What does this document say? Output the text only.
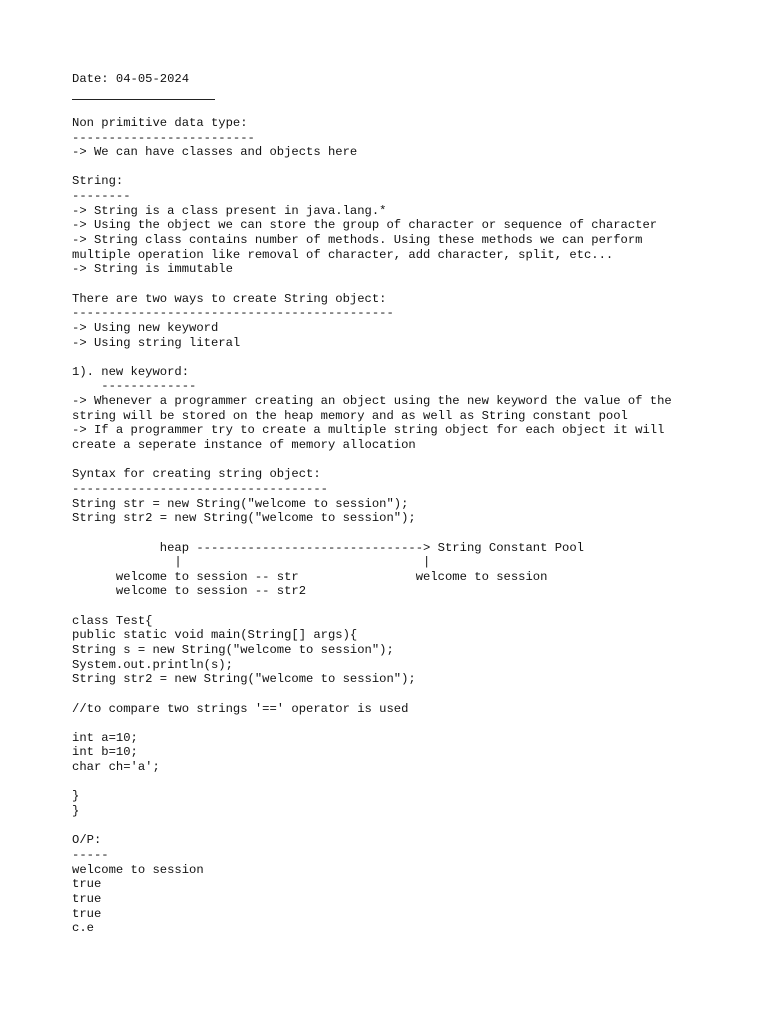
Date: 04-05-2024
Non primitive data type:
-------------------------
-> We can have classes and objects here
String:
--------
-> String is a class present in java.lang.*
-> Using the object we can store the group of character or sequence of character
-> String class contains number of methods. Using these methods we can perform
multiple operation like removal of character, add character, split, etc...
-> String is immutable
There are two ways to create String object:
--------------------------------------------
-> Using new keyword
-> Using string literal
1). new keyword:
-------------
-> Whenever a programmer creating an object using the new keyword the value of the
string will be stored on the heap memory and as well as String constant pool
-> If a programmer try to create a multiple string object for each object it will
create a seperate instance of memory allocation
Syntax for creating string object:
-----------------------------------
String str = new String("welcome to session");
String str2 = new String("welcome to session");
heap -------------------------------> String Constant Pool
|                                 |
welcome to session -- str                welcome to session
welcome to session -- str2
class Test{
public static void main(String[] args){
String s = new String("welcome to session");
System.out.println(s);
String str2 = new String("welcome to session");
//to compare two strings '==' operator is used
int a=10;
int b=10;
char ch='a';
}
}
O/P:
-----
welcome to session
true
true
true
c.e
